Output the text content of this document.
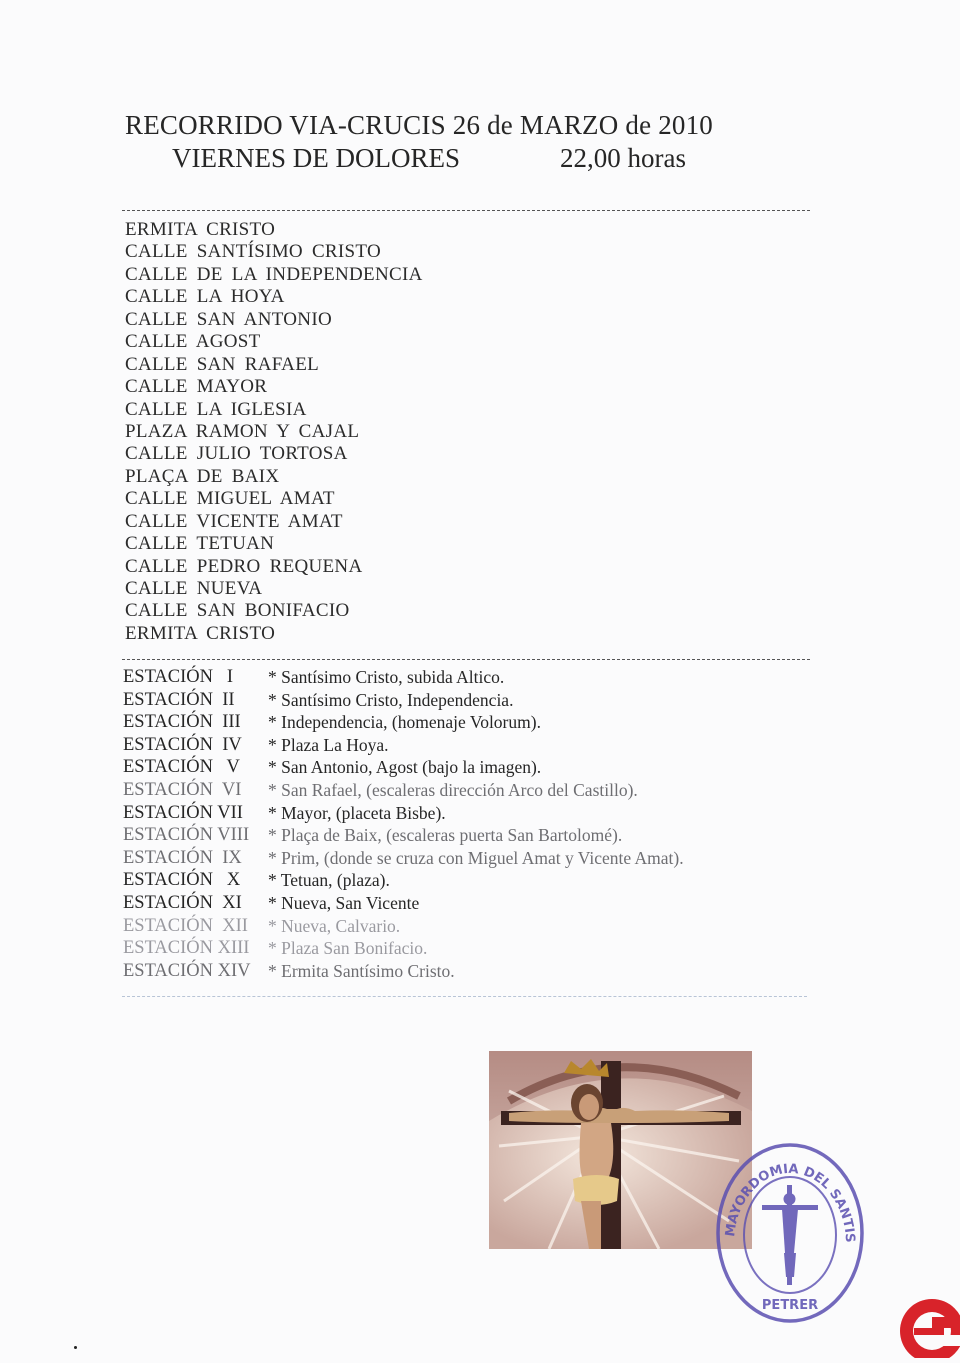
RECORRIDO VIA-CRUCIS 26 de MARZO de 2010
VIERNES DE DOLORES	22,00 horas
ERMITA CRISTO
CALLE SANTÍSIMO CRISTO
CALLE DE LA INDEPENDENCIA
CALLE LA HOYA
CALLE SAN ANTONIO
CALLE AGOST
CALLE SAN RAFAEL
CALLE MAYOR
CALLE LA IGLESIA
PLAZA RAMON Y CAJAL
CALLE JULIO TORTOSA
PLAÇA DE BAIX
CALLE MIGUEL AMAT
CALLE VICENTE AMAT
CALLE TETUAN
CALLE PEDRO REQUENA
CALLE NUEVA
CALLE SAN BONIFACIO
ERMITA CRISTO
ESTACIÓN   I * Santísimo Cristo, subida Altico.
ESTACIÓN  II * Santísimo Cristo, Independencia.
ESTACIÓN  III * Independencia, (homenaje Volorum).
ESTACIÓN  IV * Plaza La Hoya.
ESTACIÓN   V * San Antonio, Agost (bajo la imagen).
ESTACIÓN  VI * San Rafael, (escaleras dirección Arco del Castillo).
ESTACIÓN VII * Mayor, (placeta Bisbe).
ESTACIÓN VIII * Plaça de Baix, (escaleras puerta San Bartolomé).
ESTACIÓN  IX * Prim, (donde se cruza con Miguel Amat y Vicente Amat).
ESTACIÓN   X * Tetuan, (plaza).
ESTACIÓN  XI * Nueva, San Vicente
ESTACIÓN  XII * Nueva, Calvario.
ESTACIÓN XIII * Plaza San Bonifacio.
ESTACIÓN XIV * Ermita Santísimo Cristo.
MAYORDOMIA DEL SANTIS
PETRER
